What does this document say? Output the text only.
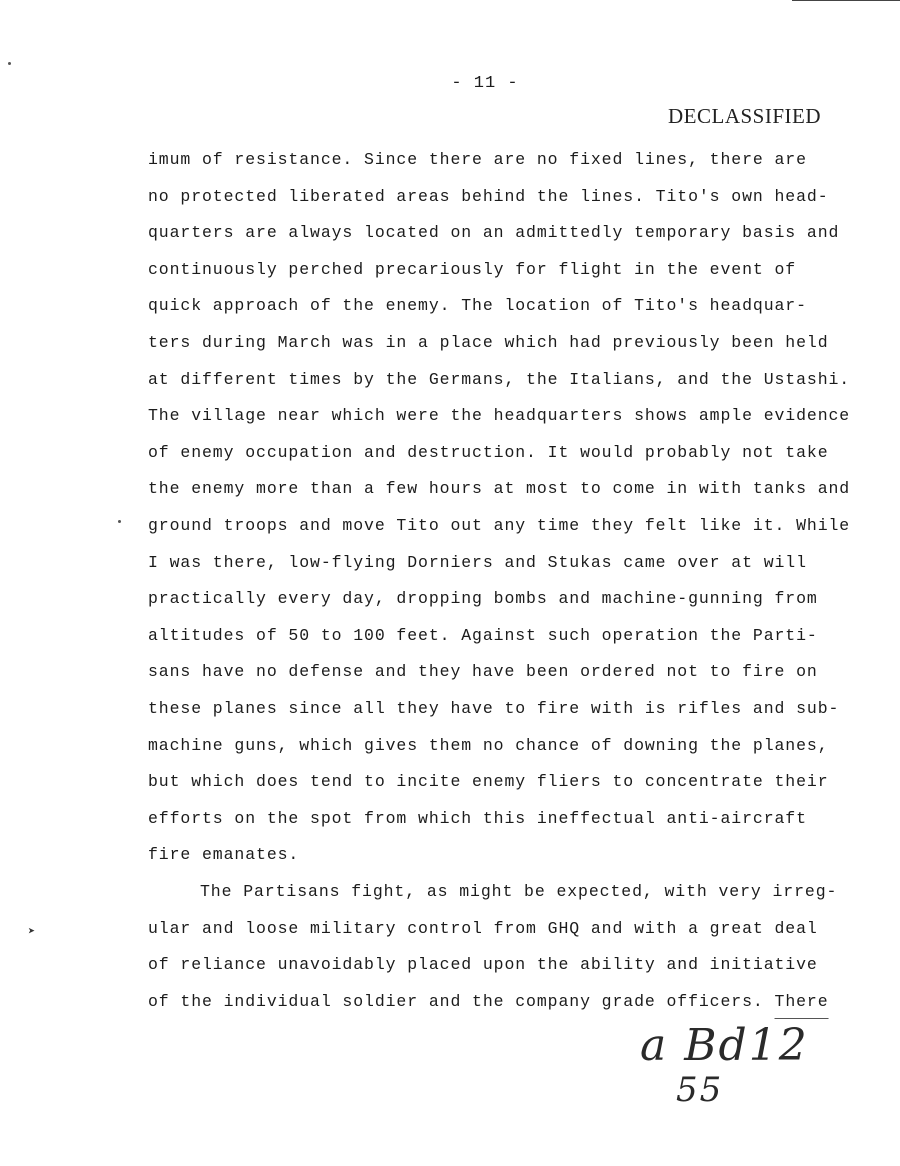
- 11 -
DECLASSIFIED
imum of resistance. Since there are no fixed lines, there are
no protected liberated areas behind the lines. Tito's own head-
quarters are always located on an admittedly temporary basis and
continuously perched precariously for flight in the event of
quick approach of the enemy. The location of Tito's headquar-
ters during March was in a place which had previously been held
at different times by the Germans, the Italians, and the Ustashi.
The village near which were the headquarters shows ample evidence
of enemy occupation and destruction. It would probably not take
the enemy more than a few hours at most to come in with tanks and
ground troops and move Tito out any time they felt like it. While
I was there, low-flying Dorniers and Stukas came over at will
practically every day, dropping bombs and machine-gunning from
altitudes of 50 to 100 feet. Against such operation the Parti-
sans have no defense and they have been ordered not to fire on
these planes since all they have to fire with is rifles and sub-
machine guns, which gives them no chance of downing the planes,
but which does tend to incite enemy fliers to concentrate their
efforts on the spot from which this ineffectual anti-aircraft
fire emanates.
The Partisans fight, as might be expected, with very irreg-
ular and loose military control from GHQ and with a great deal
of reliance unavoidably placed upon the ability and initiative
of the individual soldier and the company grade officers. There
a Bd12
55
➤
